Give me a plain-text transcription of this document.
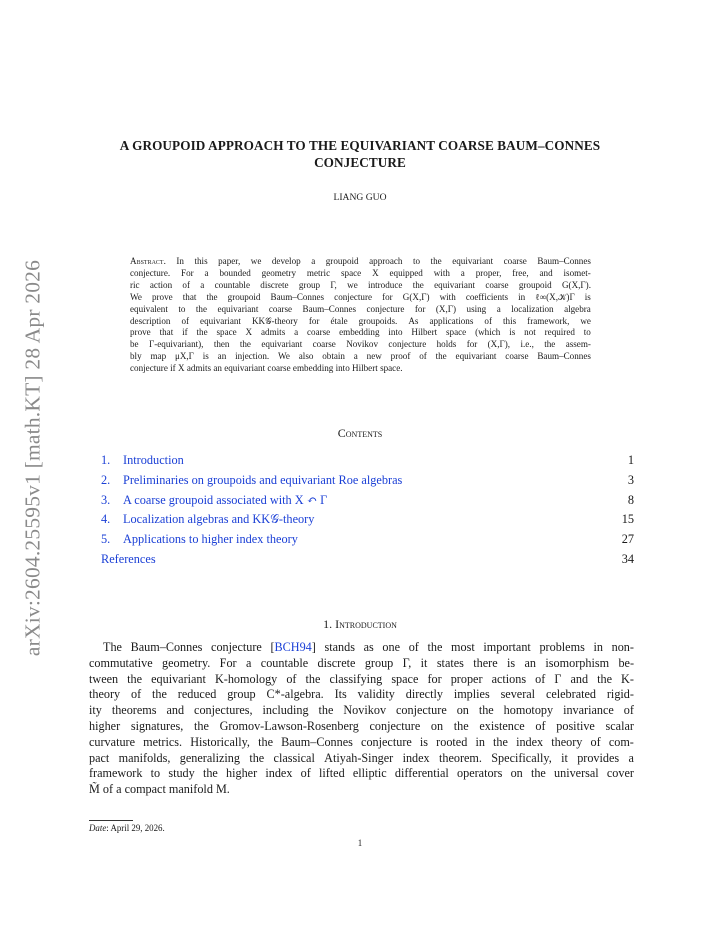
arXiv:2604.25595v1 [math.KT] 28 Apr 2026
A GROUPOID APPROACH TO THE EQUIVARIANT COARSE BAUM–CONNES
CONJECTURE
LIANG GUO
Abstract. In this paper, we develop a groupoid approach to the equivariant coarse Baum–Connes
conjecture. For a bounded geometry metric space X equipped with a proper, free, and isomet-
ric action of a countable discrete group Γ, we introduce the equivariant coarse groupoid G(X,Γ).
We prove that the groupoid Baum–Connes conjecture for G(X,Γ) with coefficients in ℓ∞(X,𝒦)Γ is
equivalent to the equivariant coarse Baum–Connes conjecture for (X,Γ) using a localization algebra
description of equivariant KK𝒢-theory for étale groupoids. As applications of this framework, we
prove that if the space X admits a coarse embedding into Hilbert space (which is not required to
be Γ-equivariant), then the equivariant coarse Novikov conjecture holds for (X,Γ), i.e., the assem-
bly map μX,Γ is an injection. We also obtain a new proof of the equivariant coarse Baum–Connes
conjecture if X admits an equivariant coarse embedding into Hilbert space.
Contents
1. Introduction	1
2. Preliminaries on groupoids and equivariant Roe algebras	3
3. A coarse groupoid associated with X ↶ Γ	8
4. Localization algebras and KK𝒢-theory	15
5. Applications to higher index theory	27
References	34
1. Introduction
The Baum–Connes conjecture [BCH94] stands as one of the most important problems in non-
commutative geometry. For a countable discrete group Γ, it states there is an isomorphism be-
tween the equivariant K-homology of the classifying space for proper actions of Γ and the K-
theory of the reduced group C*-algebra. Its validity directly implies several celebrated rigid-
ity theorems and conjectures, including the Novikov conjecture on the homotopy invariance of
higher signatures, the Gromov-Lawson-Rosenberg conjecture on the existence of positive scalar
curvature metrics. Historically, the Baum–Connes conjecture is rooted in the index theory of com-
pact manifolds, generalizing the classical Atiyah-Singer index theorem. Specifically, it provides a
framework to study the higher index of lifted elliptic differential operators on the universal cover
M̃ of a compact manifold M.
Date: April 29, 2026.
1
